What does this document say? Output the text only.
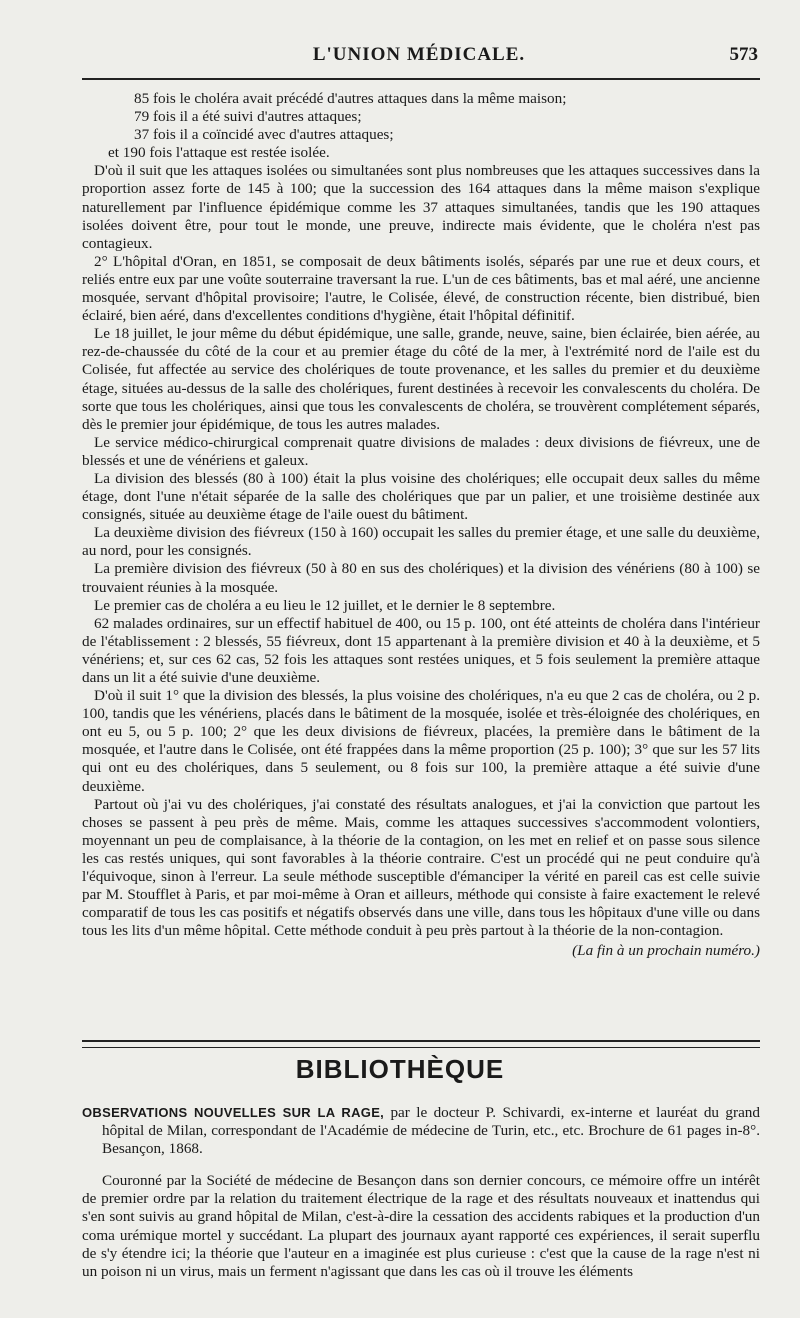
L'UNION MÉDICALE.	573

85 fois le choléra avait précédé d'autres attaques dans la même maison;

79 fois il a été suivi d'autres attaques;

37 fois il a coïncidé avec d'autres attaques;

et 190 fois l'attaque est restée isolée.

D'où il suit que les attaques isolées ou simultanées sont plus nombreuses que les attaques successives dans la proportion assez forte de 145 à 100; que la succession des 164 attaques dans la même maison s'explique naturellement par l'influence épidémique comme les 37 attaques simultanées, tandis que les 190 attaques isolées doivent être, pour tout le monde, une preuve, indirecte mais évidente, que le choléra n'est pas contagieux.

2° L'hôpital d'Oran, en 1851, se composait de deux bâtiments isolés, séparés par une rue et deux cours, et reliés entre eux par une voûte souterraine traversant la rue. L'un de ces bâtiments, bas et mal aéré, une ancienne mosquée, servant d'hôpital provisoire; l'autre, le Colisée, élevé, de construction récente, bien distribué, bien éclairé, bien aéré, dans d'excellentes conditions d'hygiène, était l'hôpital définitif.

Le 18 juillet, le jour même du début épidémique, une salle, grande, neuve, saine, bien éclairée, bien aérée, au rez-de-chaussée du côté de la cour et au premier étage du côté de la mer, à l'extrémité nord de l'aile est du Colisée, fut affectée au service des cholériques de toute provenance, et les salles du premier et du deuxième étage, situées au-dessus de la salle des cholériques, furent destinées à recevoir les convalescents du choléra. De sorte que tous les cholériques, ainsi que tous les convalescents de choléra, se trouvèrent complétement séparés, dès le premier jour épidémique, de tous les autres malades.

Le service médico-chirurgical comprenait quatre divisions de malades : deux divisions de fiévreux, une de blessés et une de vénériens et galeux.

La division des blessés (80 à 100) était la plus voisine des cholériques; elle occupait deux salles du même étage, dont l'une n'était séparée de la salle des cholériques que par un palier, et une troisième destinée aux consignés, située au deuxième étage de l'aile ouest du bâtiment.

La deuxième division des fiévreux (150 à 160) occupait les salles du premier étage, et une salle du deuxième, au nord, pour les consignés.

La première division des fiévreux (50 à 80 en sus des cholériques) et la division des vénériens (80 à 100) se trouvaient réunies à la mosquée.

Le premier cas de choléra a eu lieu le 12 juillet, et le dernier le 8 septembre.

62 malades ordinaires, sur un effectif habituel de 400, ou 15 p. 100, ont été atteints de choléra dans l'intérieur de l'établissement : 2 blessés, 55 fiévreux, dont 15 appartenant à la première division et 40 à la deuxième, et 5 vénériens; et, sur ces 62 cas, 52 fois les attaques sont restées uniques, et 5 fois seulement la première attaque dans un lit a été suivie d'une deuxième.

D'où il suit 1° que la division des blessés, la plus voisine des cholériques, n'a eu que 2 cas de choléra, ou 2 p. 100, tandis que les vénériens, placés dans le bâtiment de la mosquée, isolée et très-éloignée des cholériques, en ont eu 5, ou 5 p. 100; 2° que les deux divisions de fiévreux, placées, la première dans le bâtiment de la mosquée, et l'autre dans le Colisée, ont été frappées dans la même proportion (25 p. 100); 3° que sur les 57 lits qui ont eu des cholériques, dans 5 seulement, ou 8 fois sur 100, la première attaque a été suivie d'une deuxième.

Partout où j'ai vu des cholériques, j'ai constaté des résultats analogues, et j'ai la conviction que partout les choses se passent à peu près de même. Mais, comme les attaques successives s'accommodent volontiers, moyennant un peu de complaisance, à la théorie de la contagion, on les met en relief et on passe sous silence les cas restés uniques, qui sont favorables à la théorie contraire. C'est un procédé qui ne peut conduire qu'à l'équivoque, sinon à l'erreur. La seule méthode susceptible d'émanciper la vérité en pareil cas est celle suivie par M. Stoufflet à Paris, et par moi-même à Oran et ailleurs, méthode qui consiste à faire exactement le relevé comparatif de tous les cas positifs et négatifs observés dans une ville, dans tous les hôpitaux d'une ville ou dans tous les lits d'un même hôpital. Cette méthode conduit à peu près partout à la théorie de la non-contagion.

(La fin à un prochain numéro.)

BIBLIOTHÈQUE

OBSERVATIONS NOUVELLES SUR LA RAGE, par le docteur P. Schivardi, ex-interne et lauréat du grand hôpital de Milan, correspondant de l'Académie de médecine de Turin, etc., etc. Brochure de 61 pages in-8°. Besançon, 1868.

Couronné par la Société de médecine de Besançon dans son dernier concours, ce mémoire offre un intérêt de premier ordre par la relation du traitement électrique de la rage et des résultats nouveaux et inattendus qui s'en sont suivis au grand hôpital de Milan, c'est-à-dire la cessation des accidents rabiques et la production d'un coma urémique mortel y succédant. La plupart des journaux ayant rapporté ces expériences, il serait superflu de s'y étendre ici; la théorie que l'auteur en a imaginée est plus curieuse : c'est que la cause de la rage n'est ni un poison ni un virus, mais un ferment n'agissant que dans les cas où il trouve les éléments
